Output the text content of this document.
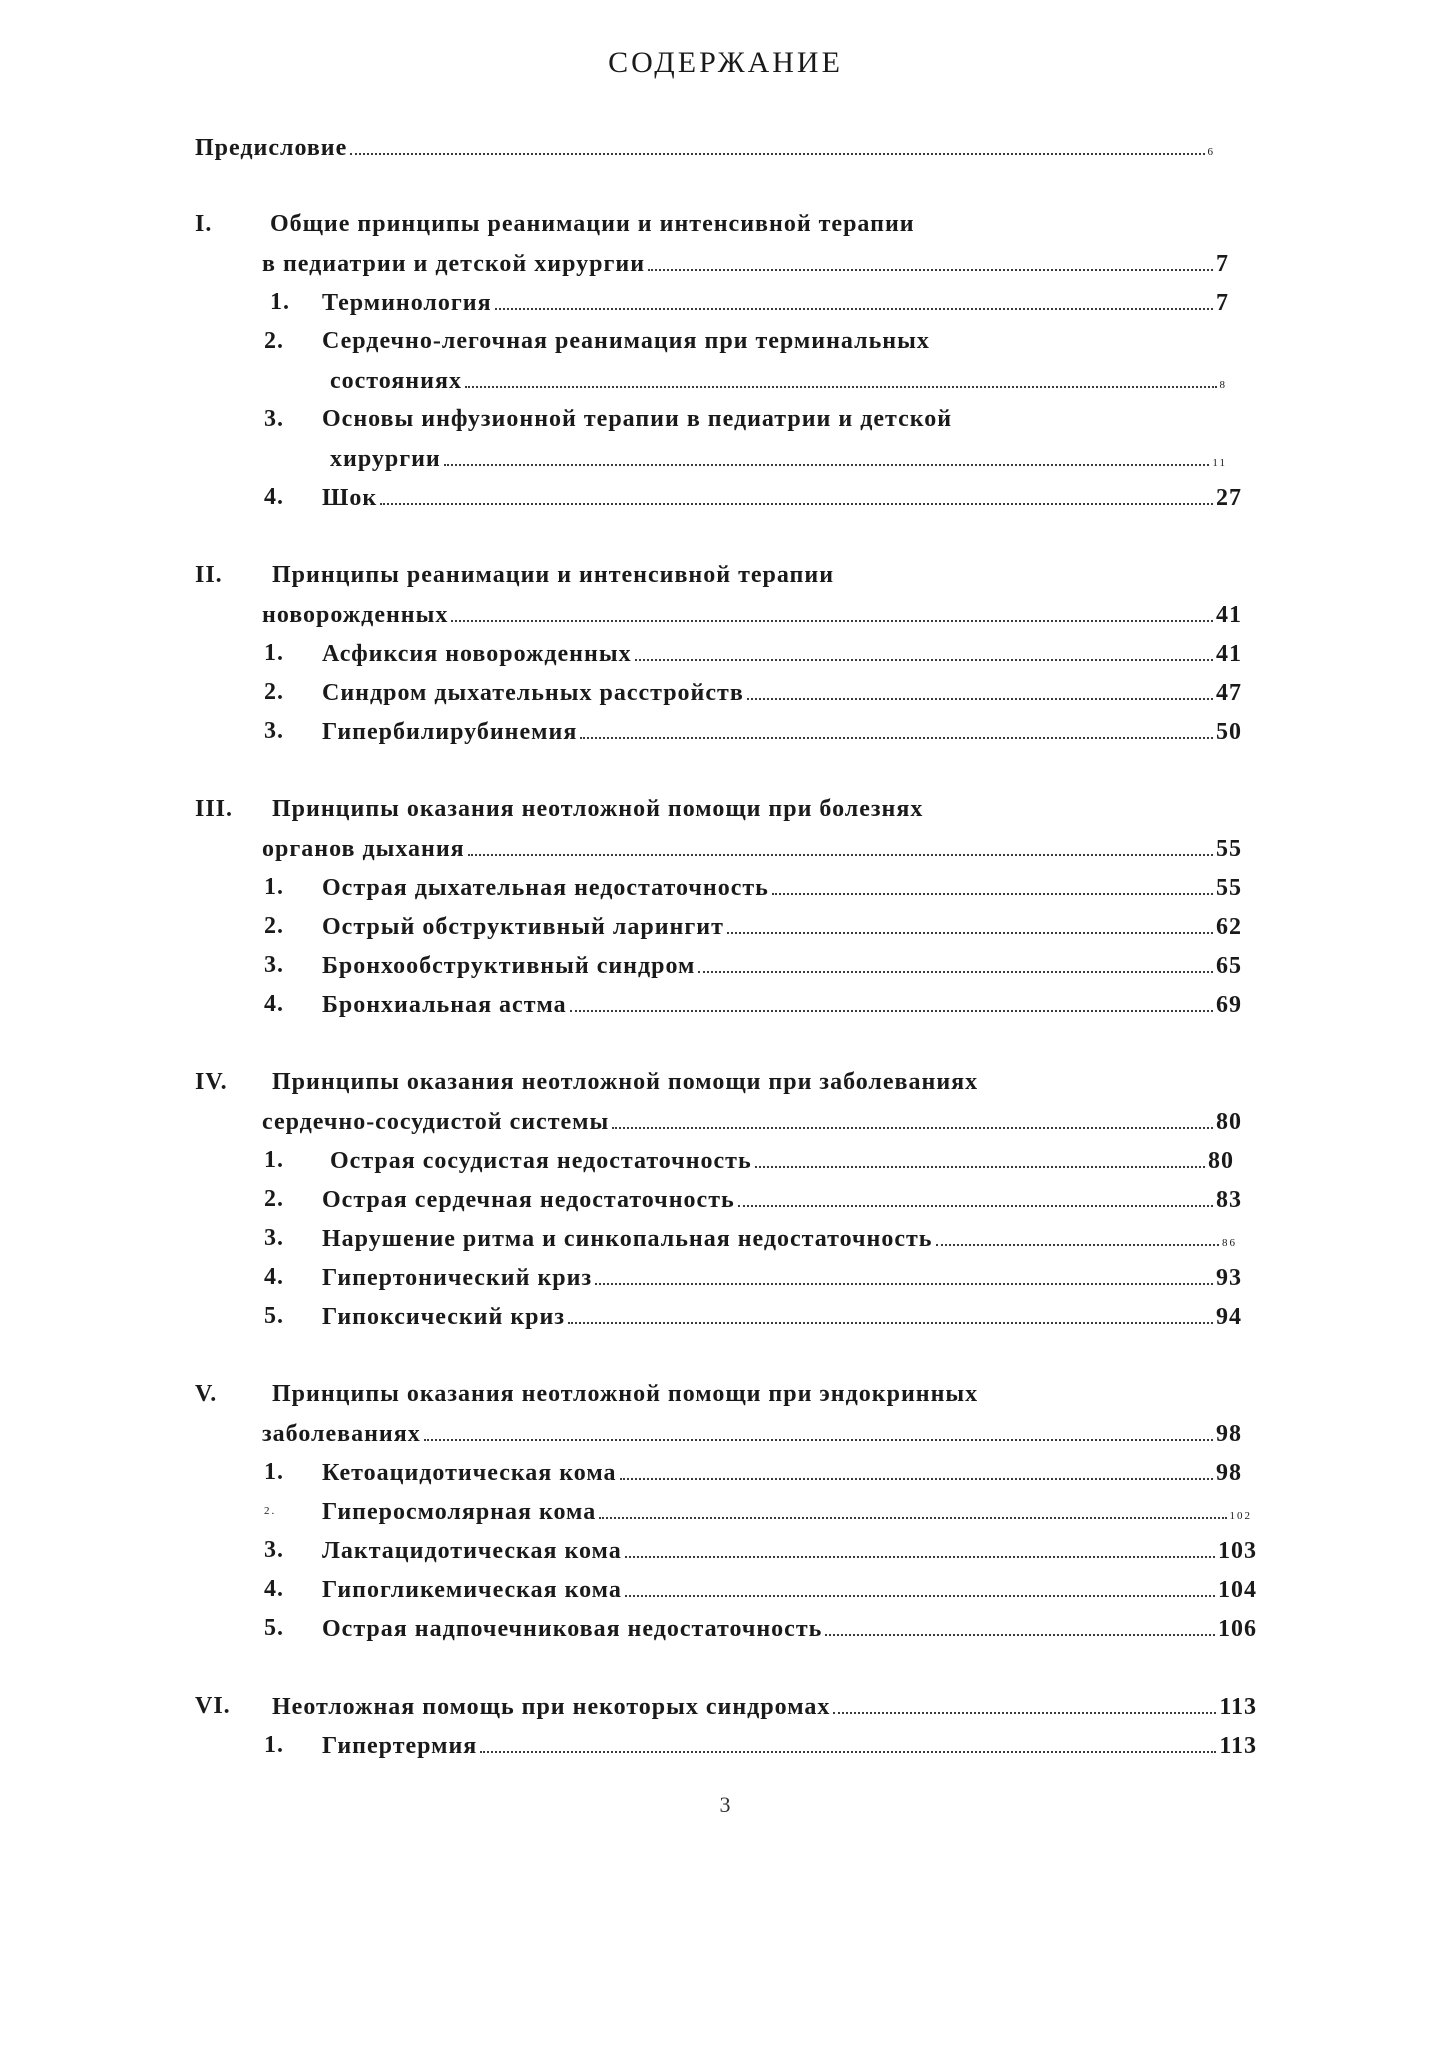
СОДЕРЖАНИЕ
Предисловие	6
I. Общие принципы реанимации и интенсивной терапии
в педиатрии и детской хирургии	7
1. Терминология	7
2. Сердечно-легочная реанимация при терминальных
состояниях	8
3. Основы инфузионной терапии в педиатрии и детской
хирургии	11
4. Шок	27
II. Принципы реанимации и интенсивной терапии
новорожденных	41
1. Асфиксия новорожденных	41
2. Синдром дыхательных расстройств	47
3. Гипербилирубинемия	50
III. Принципы оказания неотложной помощи при болезнях
органов дыхания	55
1. Острая дыхательная недостаточность	55
2. Острый обструктивный ларингит	62
3. Бронхообструктивный синдром	65
4. Бронхиальная астма	69
IV. Принципы оказания неотложной помощи при заболеваниях
сердечно-сосудистой системы	80
1. Острая сосудистая недостаточность	80
2. Острая сердечная недостаточность	83
3. Нарушение ритма и синкопальная недостаточность	86
4. Гипертонический криз	93
5. Гипоксический криз	94
V. Принципы оказания неотложной помощи при эндокринных
заболеваниях	98
1. Кетоацидотическая кома	98
2. Гиперосмолярная кома	102
3. Лактацидотическая кома	103
4. Гипогликемическая кома	104
5. Острая надпочечниковая недостаточность	106
VI. Неотложная помощь при некоторых синдромах	113
1. Гипертермия	113
3
